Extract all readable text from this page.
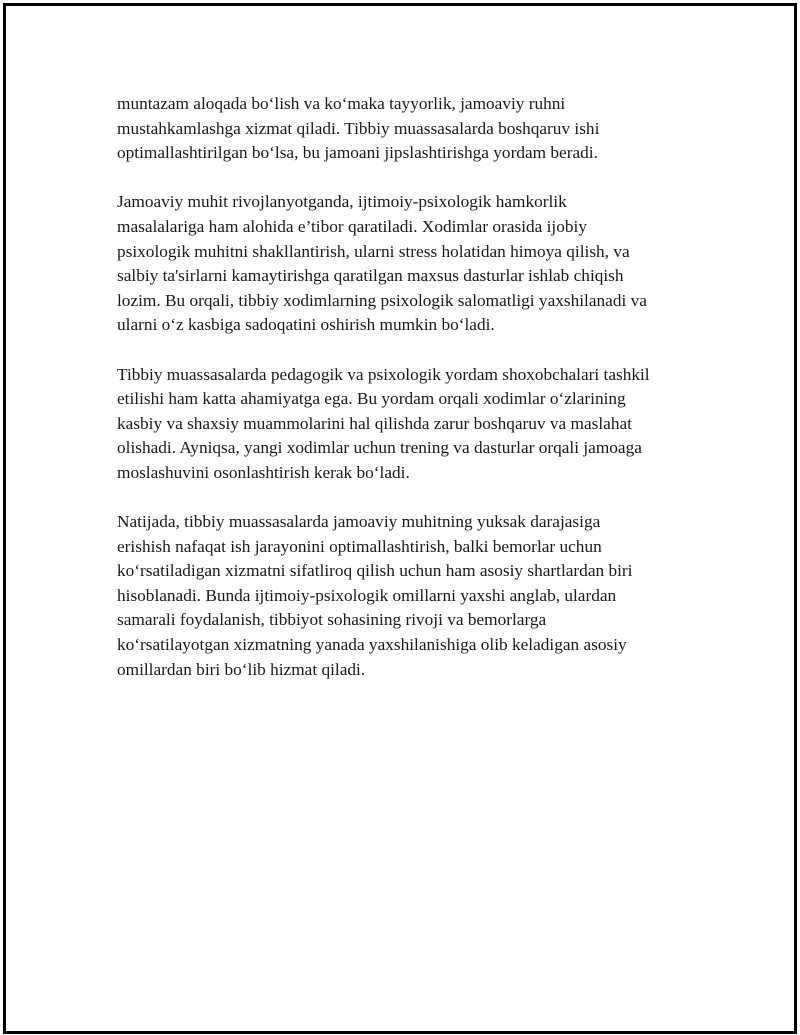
muntazam aloqada bo‘lish va ko‘maka tayyorlik, jamoaviy ruhni
mustahkamlashga xizmat qiladi. Tibbiy muassasalarda boshqaruv ishi
optimallashtirilgan bo‘lsa, bu jamoani jipslashtirishga yordam beradi.

Jamoaviy muhit rivojlanyotganda, ijtimoiy-psixologik hamkorlik
masalalariga ham alohida e’tibor qaratiladi. Xodimlar orasida ijobiy
psixologik muhitni shakllantirish, ularni stress holatidan himoya qilish, va
salbiy ta'sirlarni kamaytirishga qaratilgan maxsus dasturlar ishlab chiqish
lozim. Bu orqali, tibbiy xodimlarning psixologik salomatligi yaxshilanadi va
ularni o‘z kasbiga sadoqatini oshirish mumkin bo‘ladi.

Tibbiy muassasalarda pedagogik va psixologik yordam shoxobchalari tashkil
etilishi ham katta ahamiyatga ega. Bu yordam orqali xodimlar o‘zlarining
kasbiy va shaxsiy muammolarini hal qilishda zarur boshqaruv va maslahat
olishadi. Ayniqsa, yangi xodimlar uchun trening va dasturlar orqali jamoaga
moslashuvini osonlashtirish kerak bo‘ladi.

Natijada, tibbiy muassasalarda jamoaviy muhitning yuksak darajasiga
erishish nafaqat ish jarayonini optimallashtirish, balki bemorlar uchun
ko‘rsatiladigan xizmatni sifatliroq qilish uchun ham asosiy shartlardan biri
hisoblanadi. Bunda ijtimoiy-psixologik omillarni yaxshi anglab, ulardan
samarali foydalanish, tibbiyot sohasining rivoji va bemorlarga
ko‘rsatilayotgan xizmatning yanada yaxshilanishiga olib keladigan asosiy
omillardan biri bo‘lib hizmat qiladi.
